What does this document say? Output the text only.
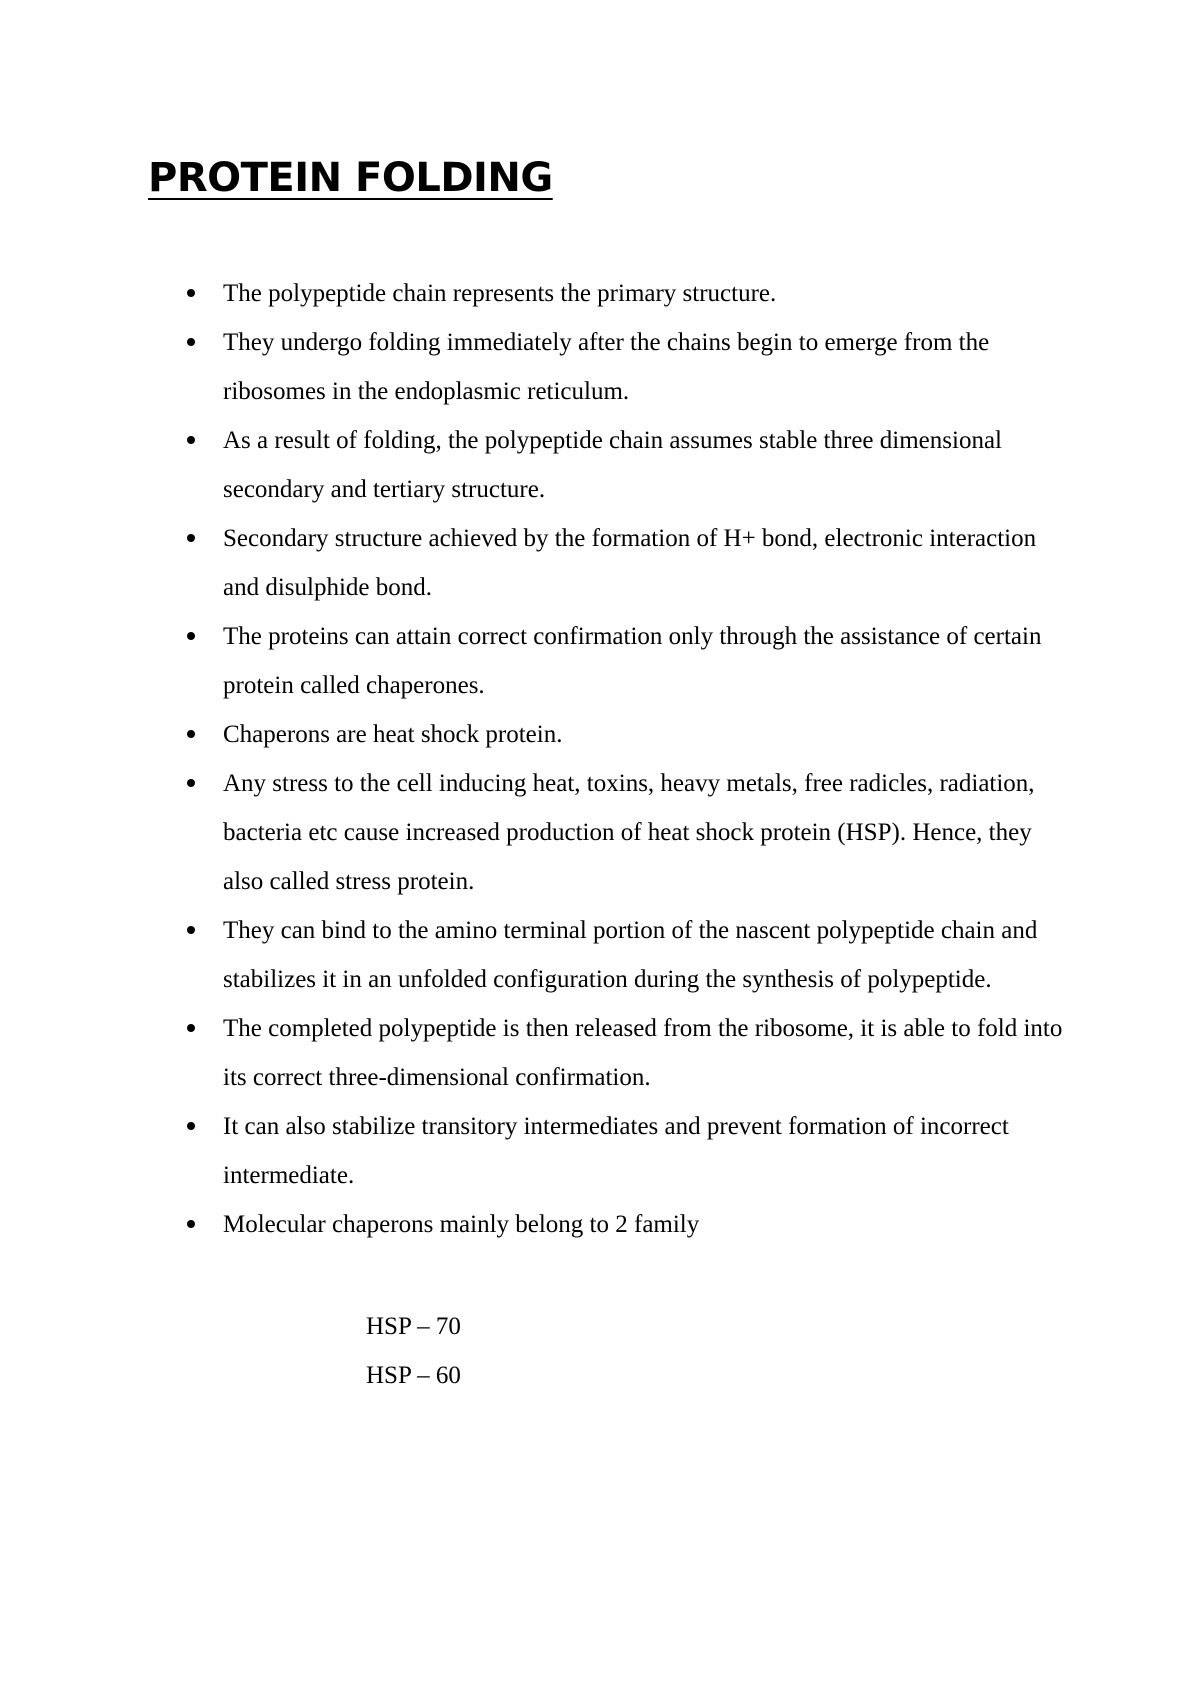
PROTEIN FOLDING
The polypeptide chain represents the primary structure.
They undergo folding immediately after the chains begin to emerge from the ribosomes in the endoplasmic reticulum.
As a result of folding, the polypeptide chain assumes stable three dimensional secondary and tertiary structure.
Secondary structure achieved by the formation of H+ bond, electronic interaction and disulphide bond.
The proteins can attain correct confirmation only through the assistance of certain protein called chaperones.
Chaperons are heat shock protein.
Any stress to the cell inducing heat, toxins, heavy metals, free radicles, radiation, bacteria etc cause increased production of heat shock protein (HSP). Hence, they also called stress protein.
They can bind to the amino terminal portion of the nascent polypeptide chain and stabilizes it in an unfolded configuration during the synthesis of polypeptide.
The completed polypeptide is then released from the ribosome, it is able to fold into its correct three-dimensional confirmation.
It can also stabilize transitory intermediates and prevent formation of incorrect intermediate.
Molecular chaperons mainly belong to 2 family
HSP – 70
HSP – 60
